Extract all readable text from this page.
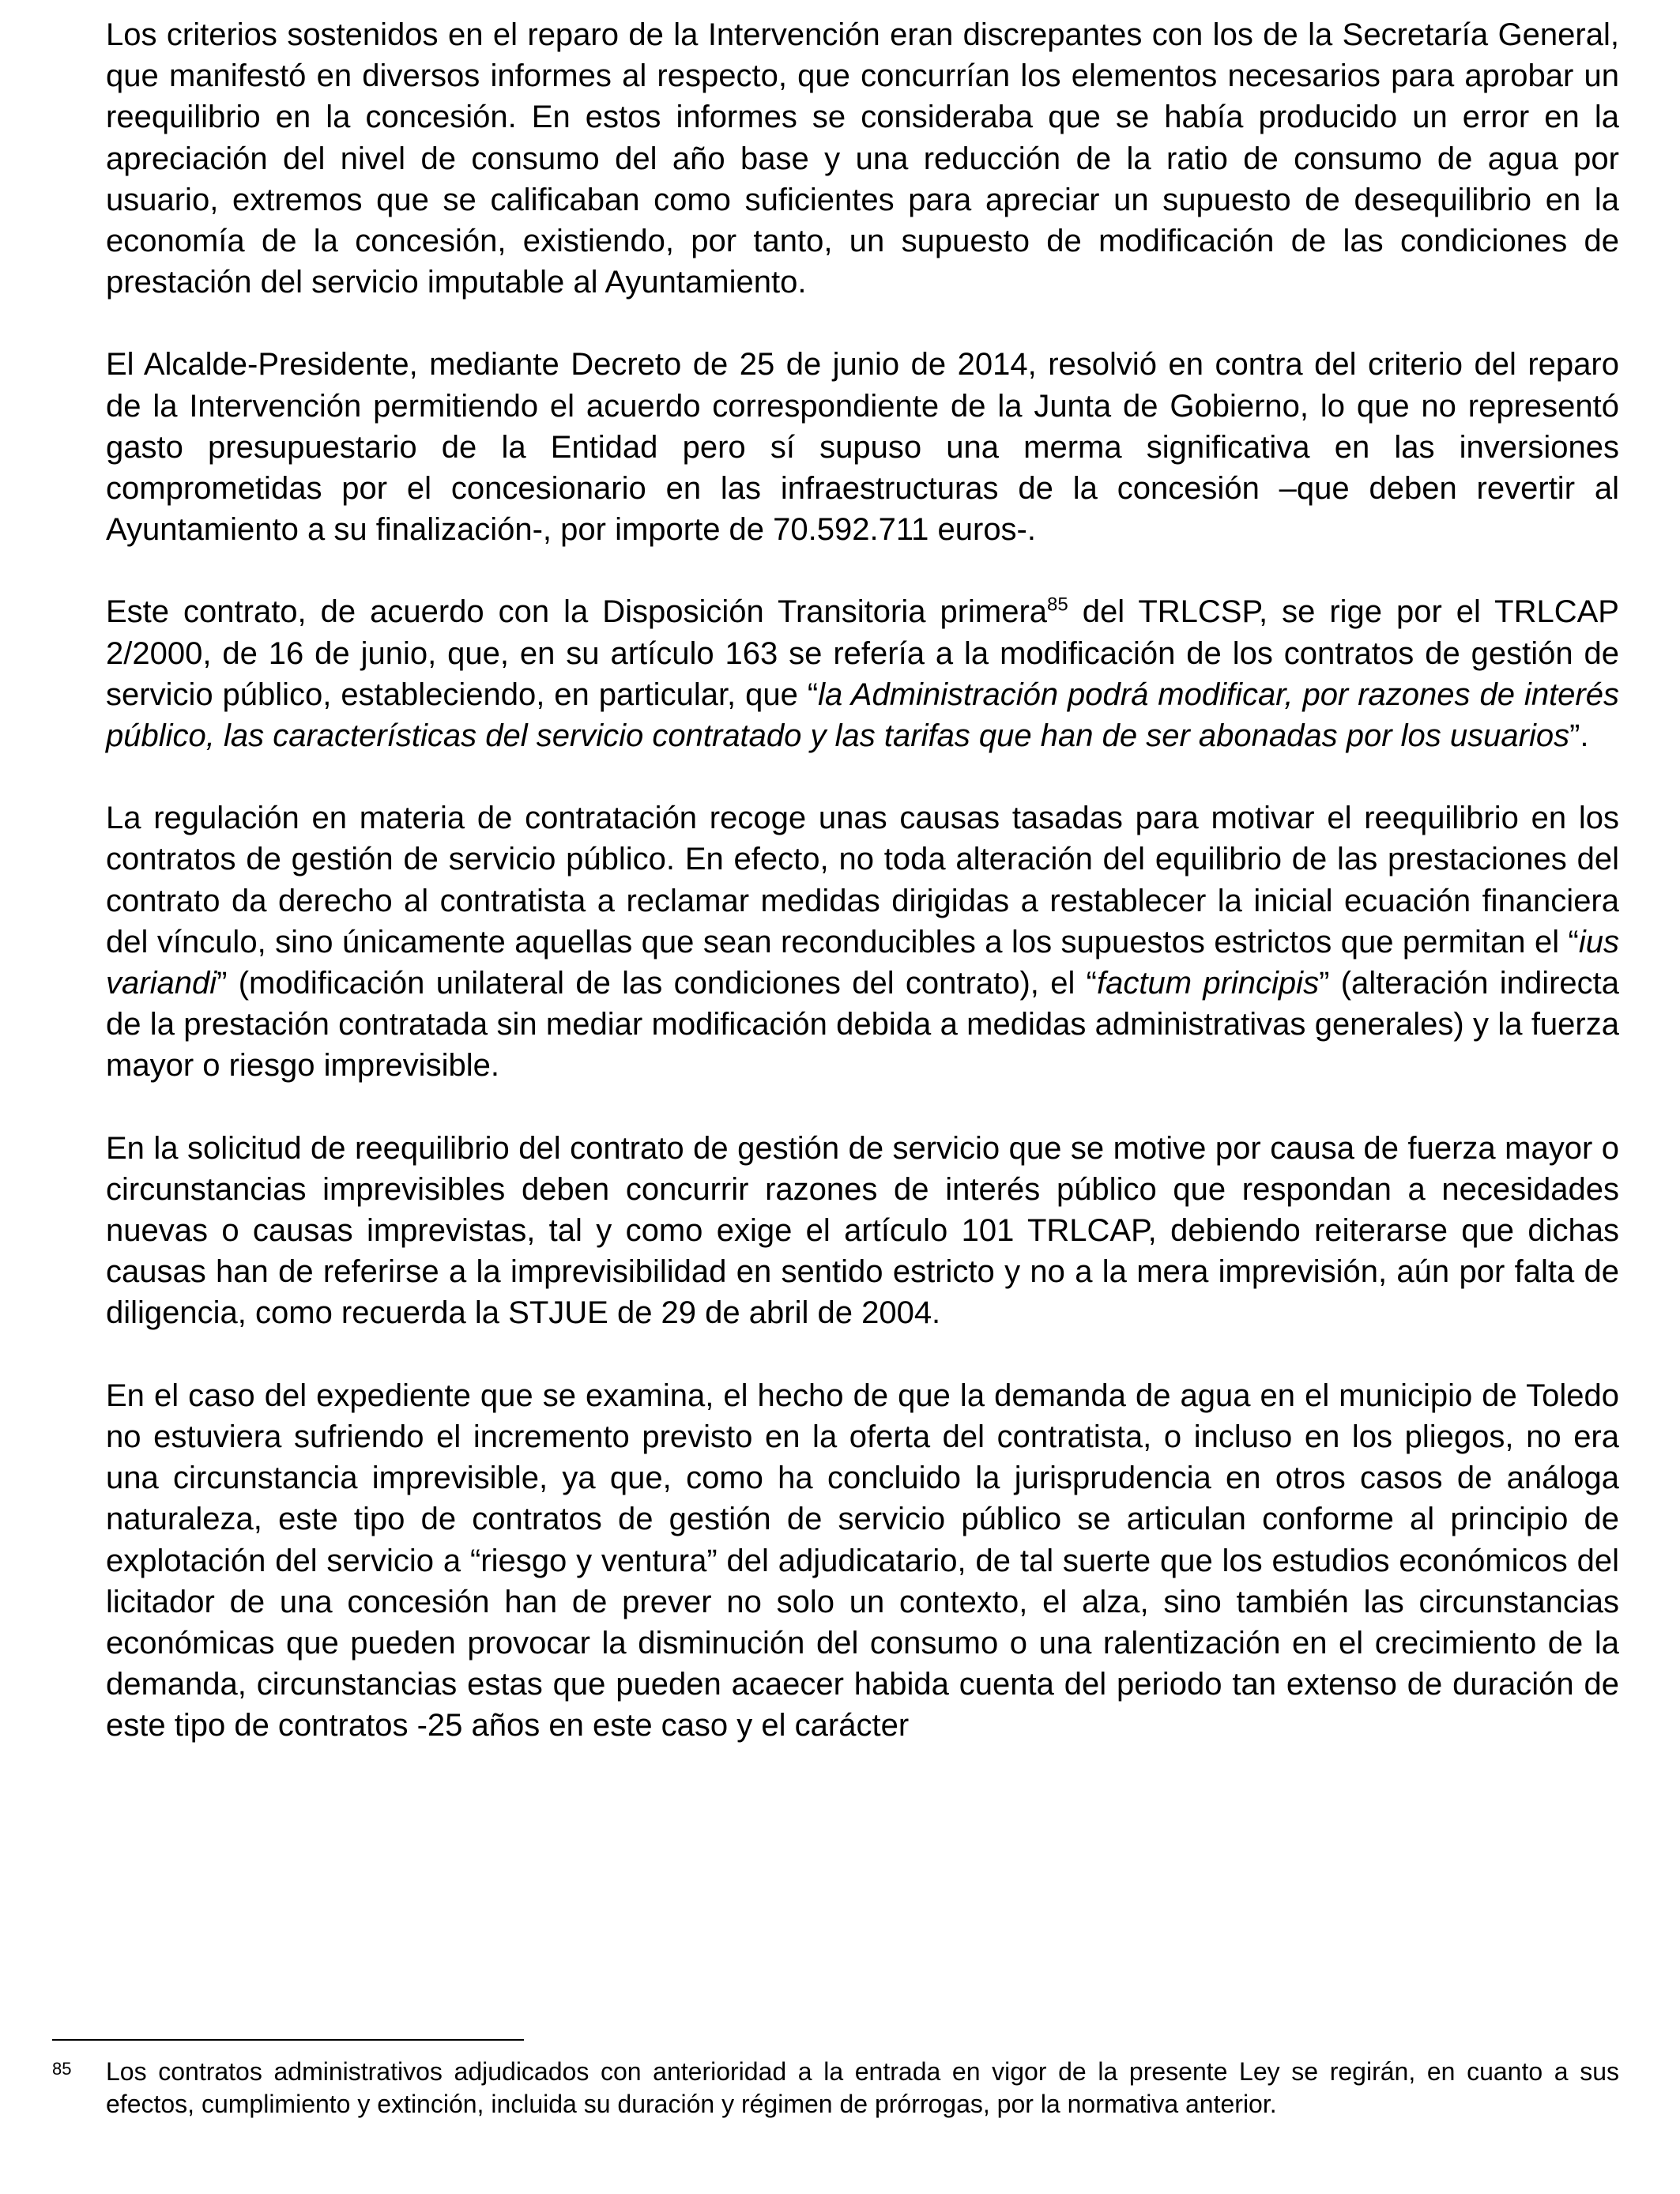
Los criterios sostenidos en el reparo de la Intervención eran discrepantes con los de la Secretaría General, que manifestó en diversos informes al respecto, que concurrían los elementos necesarios para aprobar un reequilibrio en la concesión. En estos informes se consideraba que se había producido un error en la apreciación del nivel de consumo del año base y una reducción de la ratio de consumo de agua por usuario, extremos que se calificaban como suficientes para apreciar un supuesto de desequilibrio en la economía de la concesión, existiendo, por tanto, un supuesto de modificación de las condiciones de prestación del servicio imputable al Ayuntamiento.

El Alcalde-Presidente, mediante Decreto de 25 de junio de 2014, resolvió en contra del criterio del reparo de la Intervención permitiendo el acuerdo correspondiente de la Junta de Gobierno, lo que no representó gasto presupuestario de la Entidad pero sí supuso una merma significativa en las inversiones comprometidas por el concesionario en las infraestructuras de la concesión –que deben revertir al Ayuntamiento a su finalización-, por importe de 70.592.711 euros-.

Este contrato, de acuerdo con la Disposición Transitoria primera$^{85}$ del TRLCSP, se rige por el TRLCAP 2/2000, de 16 de junio, que, en su artículo 163 se refería a la modificación de los contratos de gestión de servicio público, estableciendo, en particular, que “la Administración podrá modificar, por razones de interés público, las características del servicio contratado y las tarifas que han de ser abonadas por los usuarios”.

La regulación en materia de contratación recoge unas causas tasadas para motivar el reequilibrio en los contratos de gestión de servicio público. En efecto, no toda alteración del equilibrio de las prestaciones del contrato da derecho al contratista a reclamar medidas dirigidas a restablecer la inicial ecuación financiera del vínculo, sino únicamente aquellas que sean reconducibles a los supuestos estrictos que permitan el “ius variandi” (modificación unilateral de las condiciones del contrato), el “factum principis” (alteración indirecta de la prestación contratada sin mediar modificación debida a medidas administrativas generales) y la fuerza mayor o riesgo imprevisible.

En la solicitud de reequilibrio del contrato de gestión de servicio que se motive por causa de fuerza mayor o circunstancias imprevisibles deben concurrir razones de interés público que respondan a necesidades nuevas o causas imprevistas, tal y como exige el artículo 101 TRLCAP, debiendo reiterarse que dichas causas han de referirse a la imprevisibilidad en sentido estricto y no a la mera imprevisión, aún por falta de diligencia, como recuerda la STJUE de 29 de abril de 2004.

En el caso del expediente que se examina, el hecho de que la demanda de agua en el municipio de Toledo no estuviera sufriendo el incremento previsto en la oferta del contratista, o incluso en los pliegos, no era una circunstancia imprevisible, ya que, como ha concluido la jurisprudencia en otros casos de análoga naturaleza, este tipo de contratos de gestión de servicio público se articulan conforme al principio de explotación del servicio a “riesgo y ventura” del adjudicatario, de tal suerte que los estudios económicos del licitador de una concesión han de prever no solo un contexto, el alza, sino también las circunstancias económicas que pueden provocar la disminución del consumo o una ralentización en el crecimiento de la demanda, circunstancias estas que pueden acaecer habida cuenta del periodo tan extenso de duración de este tipo de contratos -25 años en este caso y el carácter

85 Los contratos administrativos adjudicados con anterioridad a la entrada en vigor de la presente Ley se regirán, en cuanto a sus efectos, cumplimiento y extinción, incluida su duración y régimen de prórrogas, por la normativa anterior.
